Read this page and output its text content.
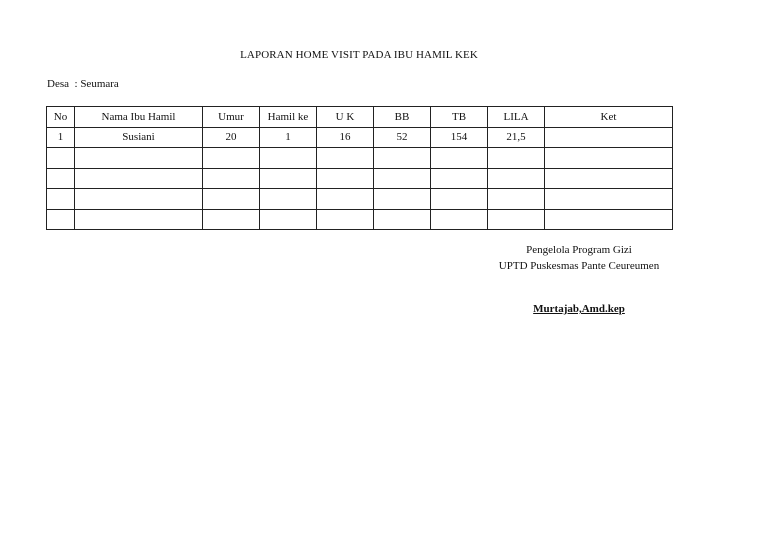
LAPORAN HOME VISIT PADA IBU HAMIL KEK
Desa : Seumara
No	Nama Ibu Hamil	Umur	Hamil ke	U K	BB	TB	LILA	Ket
1	Susiani	20	1	16	52	154	21,5	

Pengelola Program Gizi
UPTD Puskesmas Pante Ceureumen
Murtajab,Amd.kep
